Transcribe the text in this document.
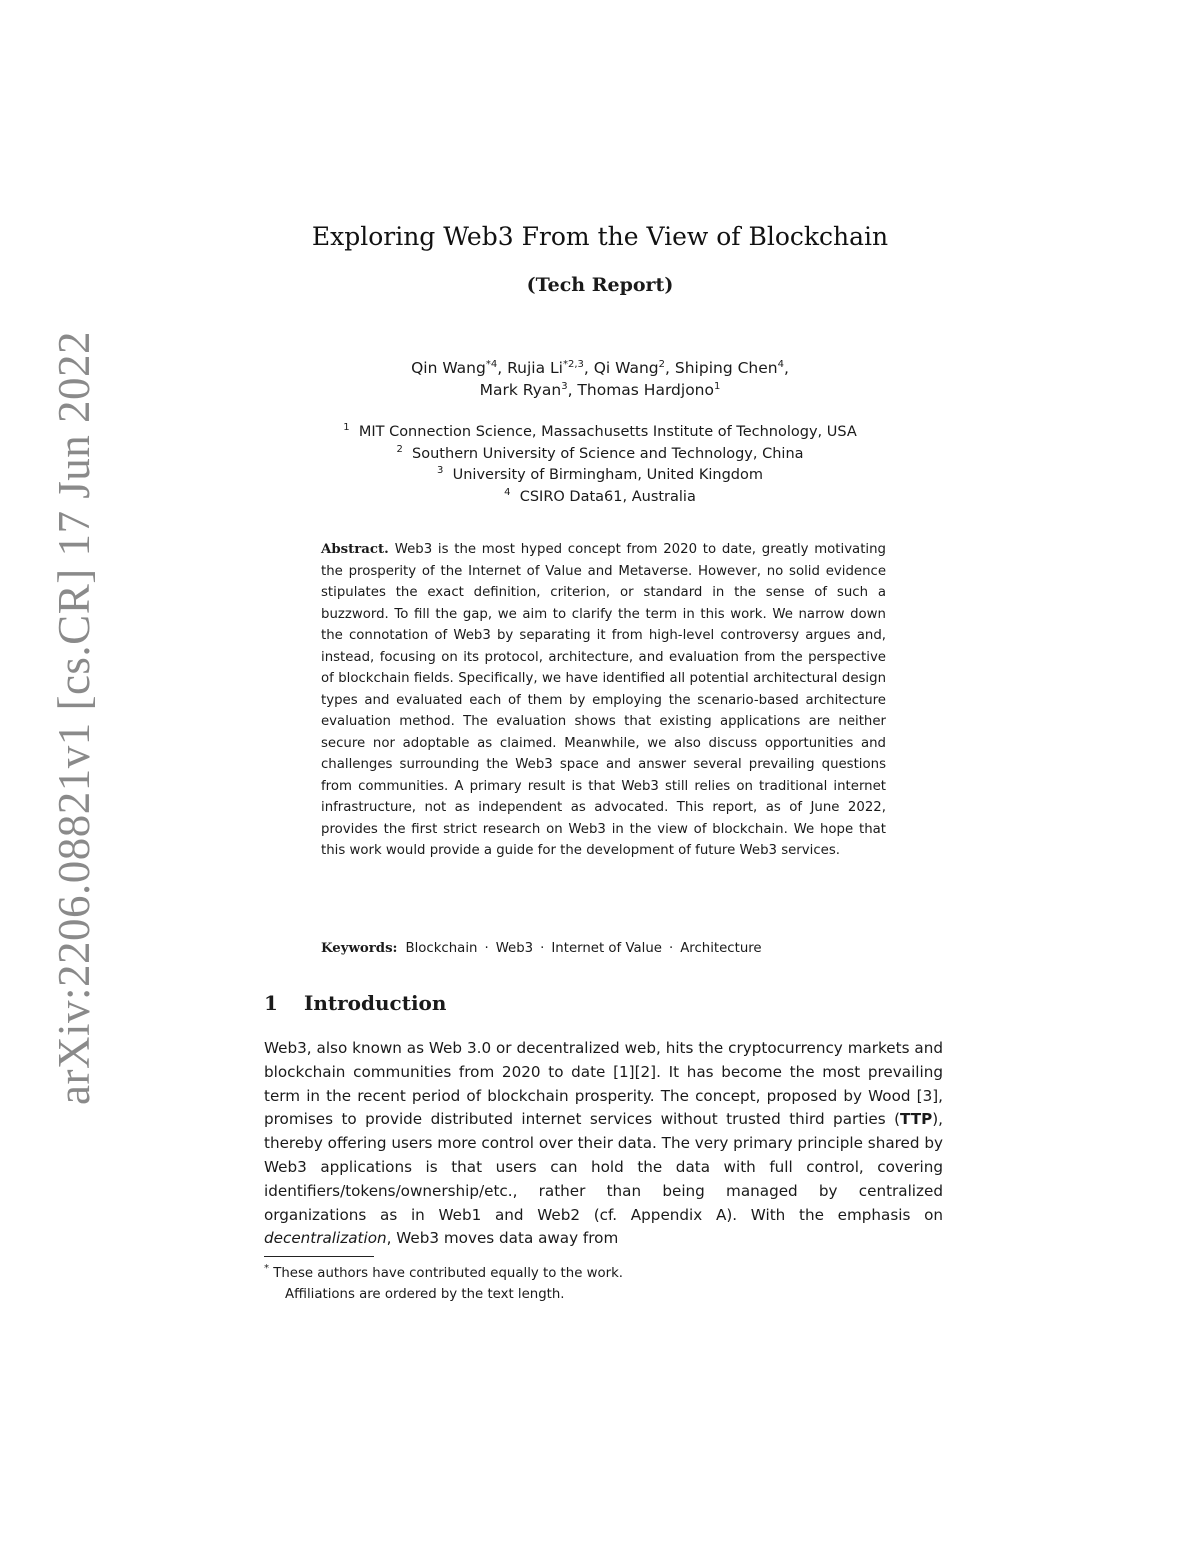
arXiv:2206.08821v1 [cs.CR] 17 Jun 2022
Exploring Web3 From the View of Blockchain
(Tech Report)
Qin Wang$^{*4}$, Rujia Li$^{*2,3}$, Qi Wang$^2$, Shiping Chen$^4$,
Mark Ryan$^3$, Thomas Hardjono$^1$
$^1$ MIT Connection Science, Massachusetts Institute of Technology, USA
$^2$ Southern University of Science and Technology, China
$^3$ University of Birmingham, United Kingdom
$^4$ CSIRO Data61, Australia
Abstract. Web3 is the most hyped concept from 2020 to date, greatly motivating the prosperity of the Internet of Value and Metaverse. However, no solid evidence stipulates the exact definition, criterion, or standard in the sense of such a buzzword. To fill the gap, we aim to clarify the term in this work. We narrow down the connotation of Web3 by separating it from high-level controversy argues and, instead, focusing on its protocol, architecture, and evaluation from the perspective of blockchain fields. Specifically, we have identified all potential architectural design types and evaluated each of them by employing the scenario-based architecture evaluation method. The evaluation shows that existing applications are neither secure nor adoptable as claimed. Meanwhile, we also discuss opportunities and challenges surrounding the Web3 space and answer several prevailing questions from communities. A primary result is that Web3 still relies on traditional internet infrastructure, not as independent as advocated. This report, as of June 2022, provides the first strict research on Web3 in the view of blockchain. We hope that this work would provide a guide for the development of future Web3 services.
Keywords: Blockchain · Web3 · Internet of Value · Architecture
1 Introduction
Web3, also known as Web 3.0 or decentralized web, hits the cryptocurrency markets and blockchain communities from 2020 to date [1][2]. It has become the most prevailing term in the recent period of blockchain prosperity. The concept, proposed by Wood [3], promises to provide distributed internet services without trusted third parties (TTP), thereby offering users more control over their data. The very primary principle shared by Web3 applications is that users can hold the data with full control, covering identifiers/tokens/ownership/etc., rather than being managed by centralized organizations as in Web1 and Web2 (cf. Appendix A). With the emphasis on decentralization, Web3 moves data away from
* These authors have contributed equally to the work.
Affiliations are ordered by the text length.
